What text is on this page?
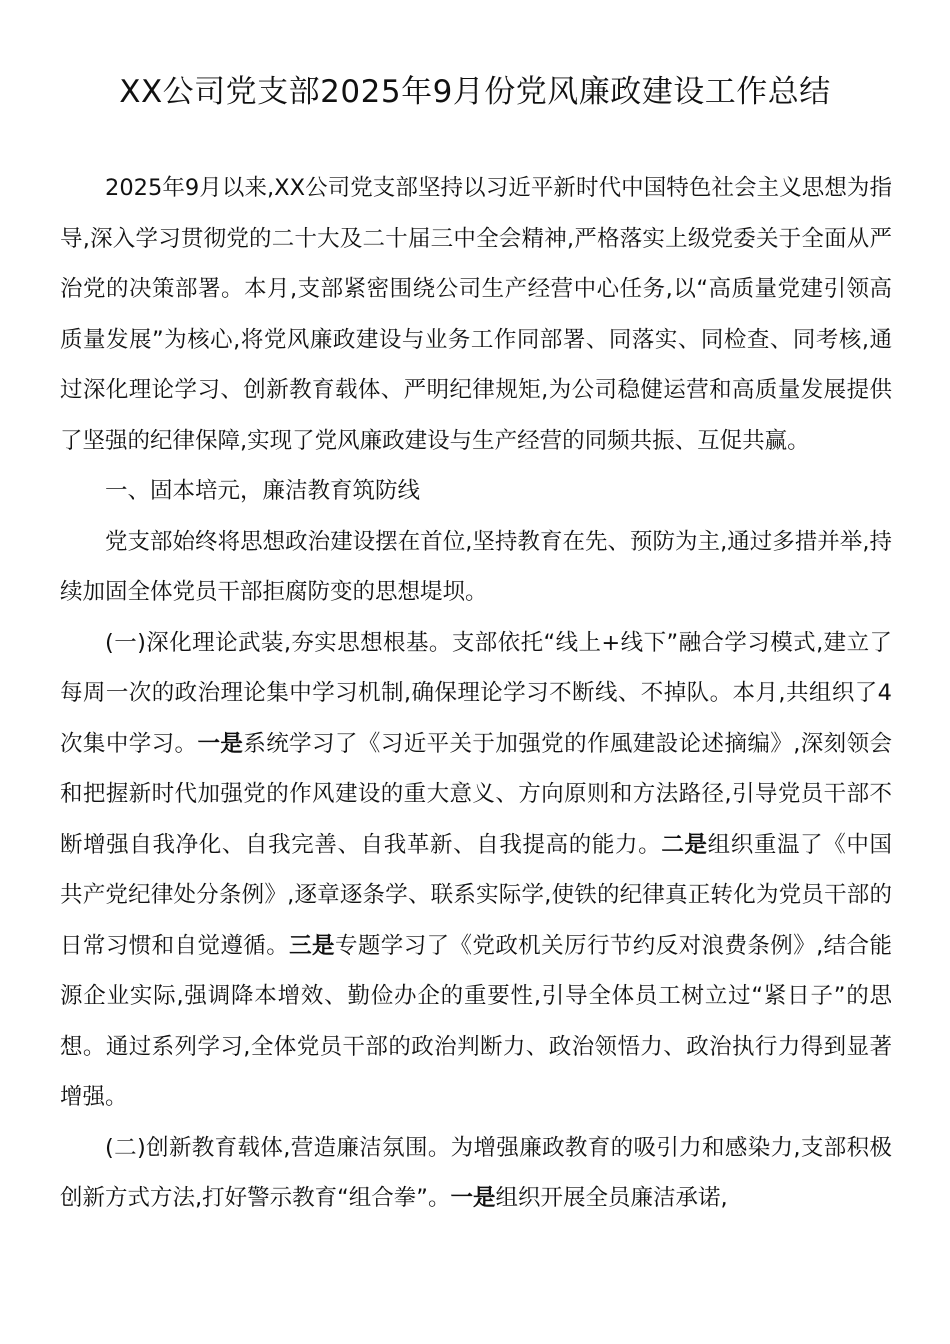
XX公司党支部2025年9月份党风廉政建设工作总结

2025年9月以来,XX公司党支部坚持以习近平新时代中国特色社会主义思想为指导,深入学习贯彻党的二十大及二十届三中全会精神,严格落实上级党委关于全面从严治党的决策部署。本月,支部紧密围绕公司生产经营中心任务,以“高质量党建引领高质量发展”为核心,将党风廉政建设与业务工作同部署、同落实、同检查、同考核,通过深化理论学习、创新教育载体、严明纪律规矩,为公司稳健运营和高质量发展提供了坚强的纪律保障,实现了党风廉政建设与生产经营的同频共振、互促共赢。

一、固本培元，廉洁教育筑防线

党支部始终将思想政治建设摆在首位,坚持教育在先、预防为主,通过多措并举,持续加固全体党员干部拒腐防变的思想堤坝。

(一)深化理论武装,夯实思想根基。支部依托“线上+线下”融合学习模式,建立了每周一次的政治理论集中学习机制,确保理论学习不断线、不掉队。本月,共组织了4次集中学习。一是系统学习了《习近平关于加强党的作風建設论述摘编》,深刻领会和把握新时代加强党的作风建设的重大意义、方向原则和方法路径,引导党员干部不断增强自我净化、自我完善、自我革新、自我提高的能力。二是组织重温了《中国共产党纪律处分条例》,逐章逐条学、联系实际学,使铁的纪律真正转化为党员干部的日常习惯和自觉遵循。三是专题学习了《党政机关厉行节约反对浪费条例》,结合能源企业实际,强调降本增效、勤俭办企的重要性,引导全体员工树立过“紧日子”的思想。通过系列学习,全体党员干部的政治判断力、政治领悟力、政治执行力得到显著增强。

(二)创新教育载体,营造廉洁氛围。为增强廉政教育的吸引力和感染力,支部积极创新方式方法,打好警示教育“组合拳”。一是组织开展全员廉洁承诺,
